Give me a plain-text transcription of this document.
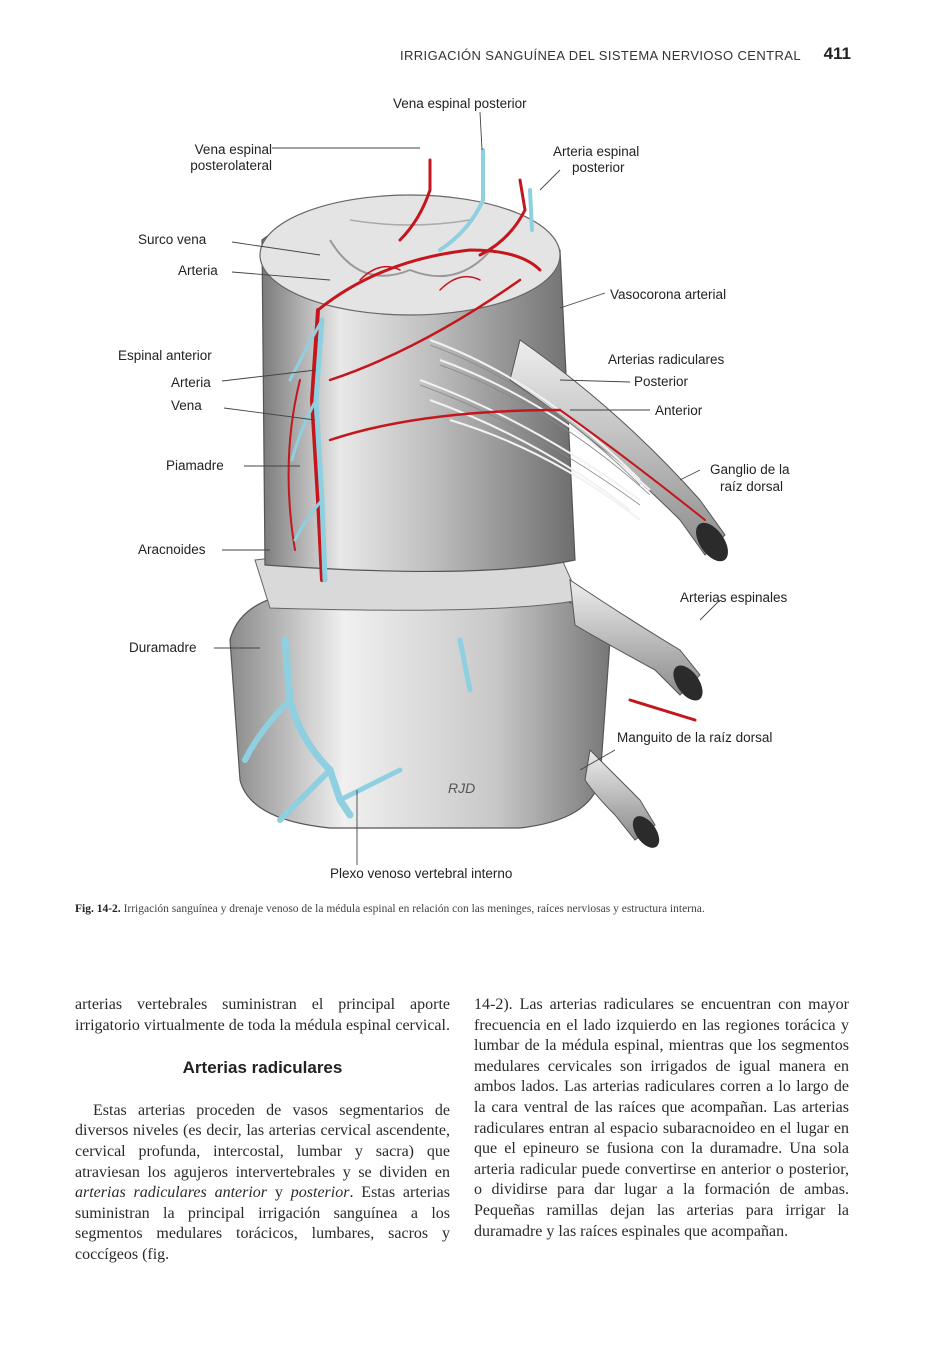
IRRIGACIÓN SANGUÍNEA DEL SISTEMA NERVIOSO CENTRAL 411
Vena espinal posterior
Vena espinal
posterolateral
Arteria espinal
posterior
Surco vena
Arteria
Vasocorona arterial
Espinal anterior
Arteria
Vena
Arterias radiculares
Posterior
Anterior
Piamadre	Ganglio de la
raíz dorsal
Aracnoides
Arterias espinales
Duramadre
Manguito de la raíz dorsal
Plexo venoso vertebral interno
RJD
Fig. 14-2. Irrigación sanguínea y drenaje venoso de la médula espinal en relación con las meninges, raíces nerviosas y estructura interna.

arterias vertebrales suministran el principal aporte irrigatorio virtualmente de toda la médula espinal cervical.

Arterias radiculares

Estas arterias proceden de vasos segmentarios de diversos niveles (es decir, las arterias cervical ascendente, cervical profunda, intercostal, lumbar y sacra) que atraviesan los agujeros intervertebrales y se dividen en arterias radiculares anterior y posterior. Estas arterias suministran la principal irrigación sanguínea a los segmentos medulares torácicos, lumbares, sacros y coccígeos (fig.

14-2). Las arterias radiculares se encuentran con mayor frecuencia en el lado izquierdo en las regiones torácica y lumbar de la médula espinal, mientras que los segmentos medulares cervicales son irrigados de igual manera en ambos lados. Las arterias radiculares corren a lo largo de la cara ventral de las raíces que acompañan. Las arterias radiculares entran al espacio subaracnoideo en el lugar en que el epineuro se fusiona con la duramadre. Una sola arteria radicular puede convertirse en anterior o posterior, o dividirse para dar lugar a la formación de ambas. Pequeñas ramillas dejan las arterias para irrigar la duramadre y las raíces espinales que acompañan.
